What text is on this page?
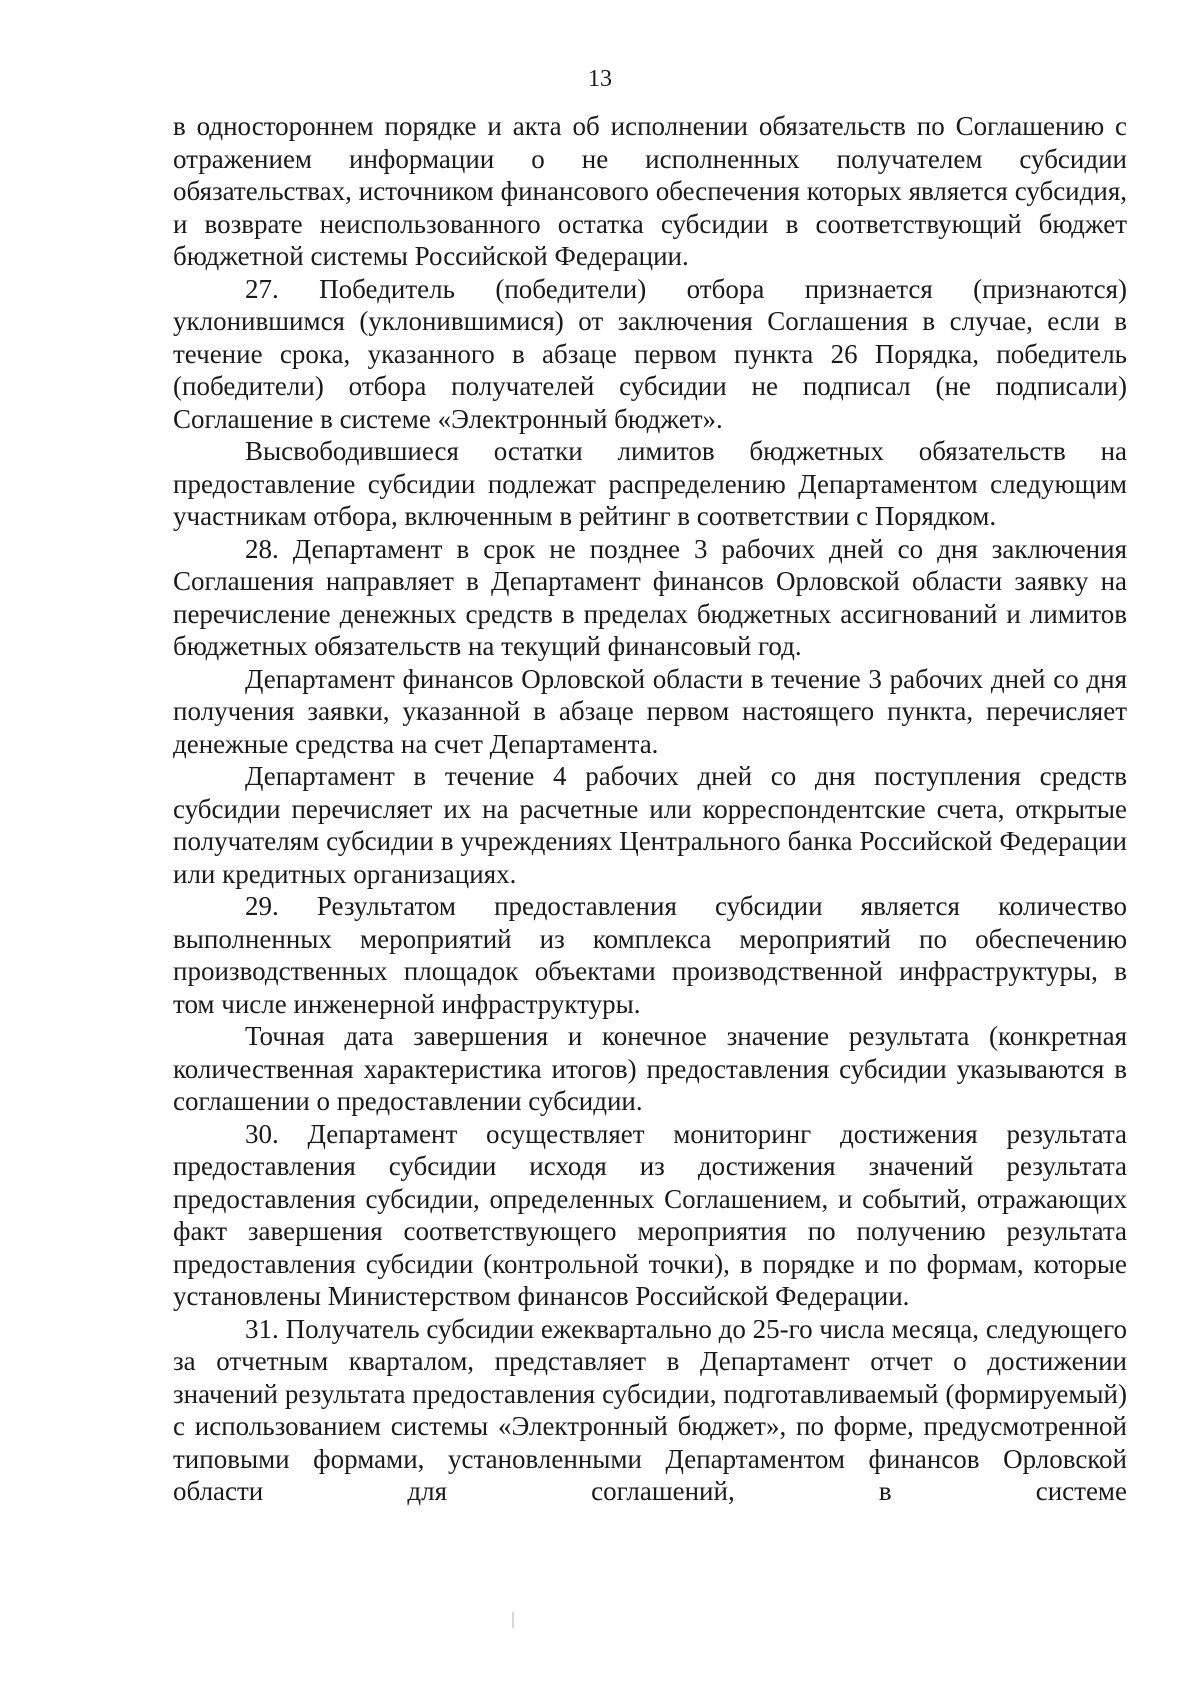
13

в одностороннем порядке и акта об исполнении обязательств по Соглашению с отражением информации о не исполненных получателем субсидии обязательствах, источником финансового обеспечения которых является субсидия, и возврате неиспользованного остатка субсидии в соответствующий бюджет бюджетной системы Российской Федерации.

27. Победитель (победители) отбора признается (признаются) уклонившимся (уклонившимися) от заключения Соглашения в случае, если в течение срока, указанного в абзаце первом пункта 26 Порядка, победитель (победители) отбора получателей субсидии не подписал (не подписали) Соглашение в системе «Электронный бюджет».

Высвободившиеся остатки лимитов бюджетных обязательств на предоставление субсидии подлежат распределению Департаментом следующим участникам отбора, включенным в рейтинг в соответствии с Порядком.

28. Департамент в срок не позднее 3 рабочих дней со дня заключения Соглашения направляет в Департамент финансов Орловской области заявку на перечисление денежных средств в пределах бюджетных ассигнований и лимитов бюджетных обязательств на текущий финансовый год.

Департамент финансов Орловской области в течение 3 рабочих дней со дня получения заявки, указанной в абзаце первом настоящего пункта, перечисляет денежные средства на счет Департамента.

Департамент в течение 4 рабочих дней со дня поступления средств субсидии перечисляет их на расчетные или корреспондентские счета, открытые получателям субсидии в учреждениях Центрального банка Российской Федерации или кредитных организациях.

29. Результатом предоставления субсидии является количество выполненных мероприятий из комплекса мероприятий по обеспечению производственных площадок объектами производственной инфраструктуры, в том числе инженерной инфраструктуры.

Точная дата завершения и конечное значение результата (конкретная количественная характеристика итогов) предоставления субсидии указываются в соглашении о предоставлении субсидии.

30. Департамент осуществляет мониторинг достижения результата предоставления субсидии исходя из достижения значений результата предоставления субсидии, определенных Соглашением, и событий, отражающих факт завершения соответствующего мероприятия по получению результата предоставления субсидии (контрольной точки), в порядке и по формам, которые установлены Министерством финансов Российской Федерации.

31. Получатель субсидии ежеквартально до 25-го числа месяца, следующего за отчетным кварталом, представляет в Департамент отчет о достижении значений результата предоставления субсидии, подготавливаемый (формируемый) с использованием системы «Электронный бюджет», по форме, предусмотренной типовыми формами, установленными Департаментом финансов Орловской области для соглашений, в системе
